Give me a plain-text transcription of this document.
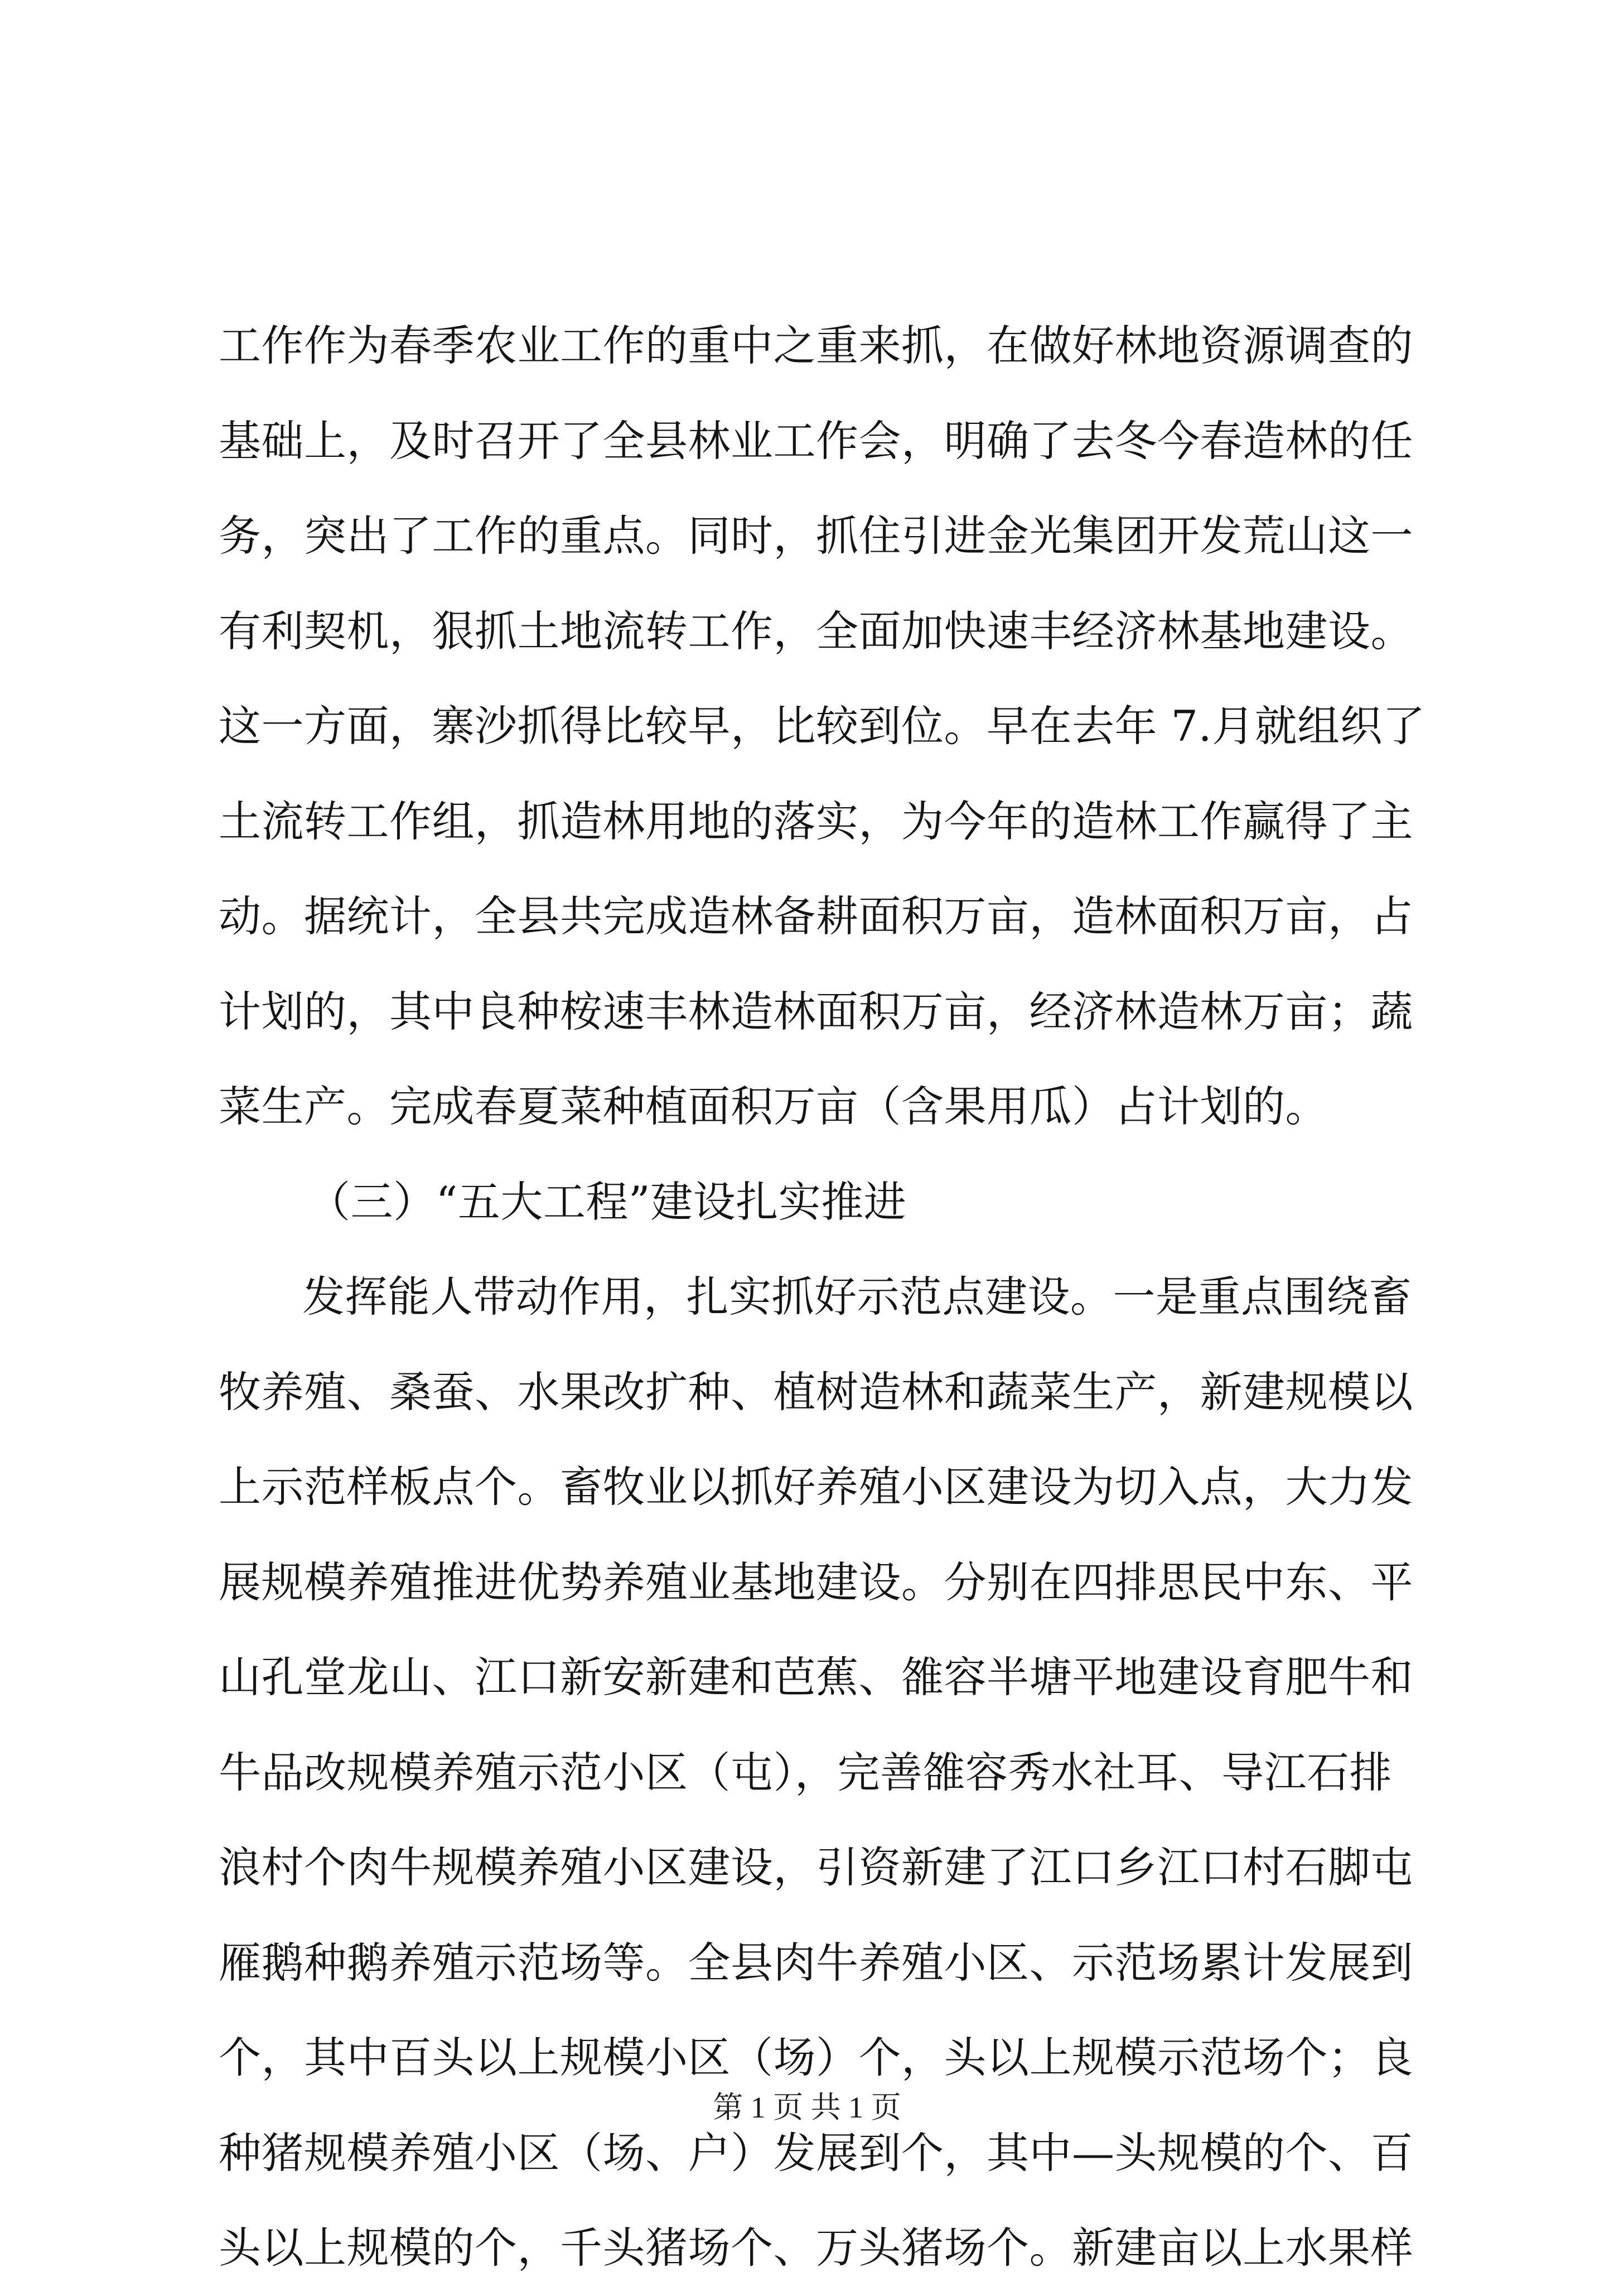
工作作为春季农业工作的重中之重来抓，在做好林地资源调查的
基础上，及时召开了全县林业工作会，明确了去冬今春造林的任
务，突出了工作的重点。同时，抓住引进金光集团开发荒山这一
有利契机，狠抓土地流转工作，全面加快速丰经济林基地建设。
这一方面，寨沙抓得比较早，比较到位。早在去年 7.月就组织了
土流转工作组，抓造林用地的落实，为今年的造林工作赢得了主
动。据统计，全县共完成造林备耕面积万亩，造林面积万亩，占
计划的，其中良种桉速丰林造林面积万亩，经济林造林万亩；蔬
菜生产。完成春夏菜种植面积万亩（含果用瓜）占计划的。
（三）“五大工程”建设扎实推进
发挥能人带动作用，扎实抓好示范点建设。一是重点围绕畜
牧养殖、桑蚕、水果改扩种、植树造林和蔬菜生产，新建规模以
上示范样板点个。畜牧业以抓好养殖小区建设为切入点，大力发
展规模养殖推进优势养殖业基地建设。分别在四排思民中东、平
山孔堂龙山、江口新安新建和芭蕉、雒容半塘平地建设育肥牛和
牛品改规模养殖示范小区（屯），完善雒容秀水社耳、导江石排
浪村个肉牛规模养殖小区建设，引资新建了江口乡江口村石脚屯
雁鹅种鹅养殖示范场等。全县肉牛养殖小区、示范场累计发展到
个，其中百头以上规模小区（场）个，头以上规模示范场个；良
种猪规模养殖小区（场、户）发展到个，其中—头规模的个、百
头以上规模的个，千头猪场个、万头猪场个。新建亩以上水果样
第 1 页 共 1 页
